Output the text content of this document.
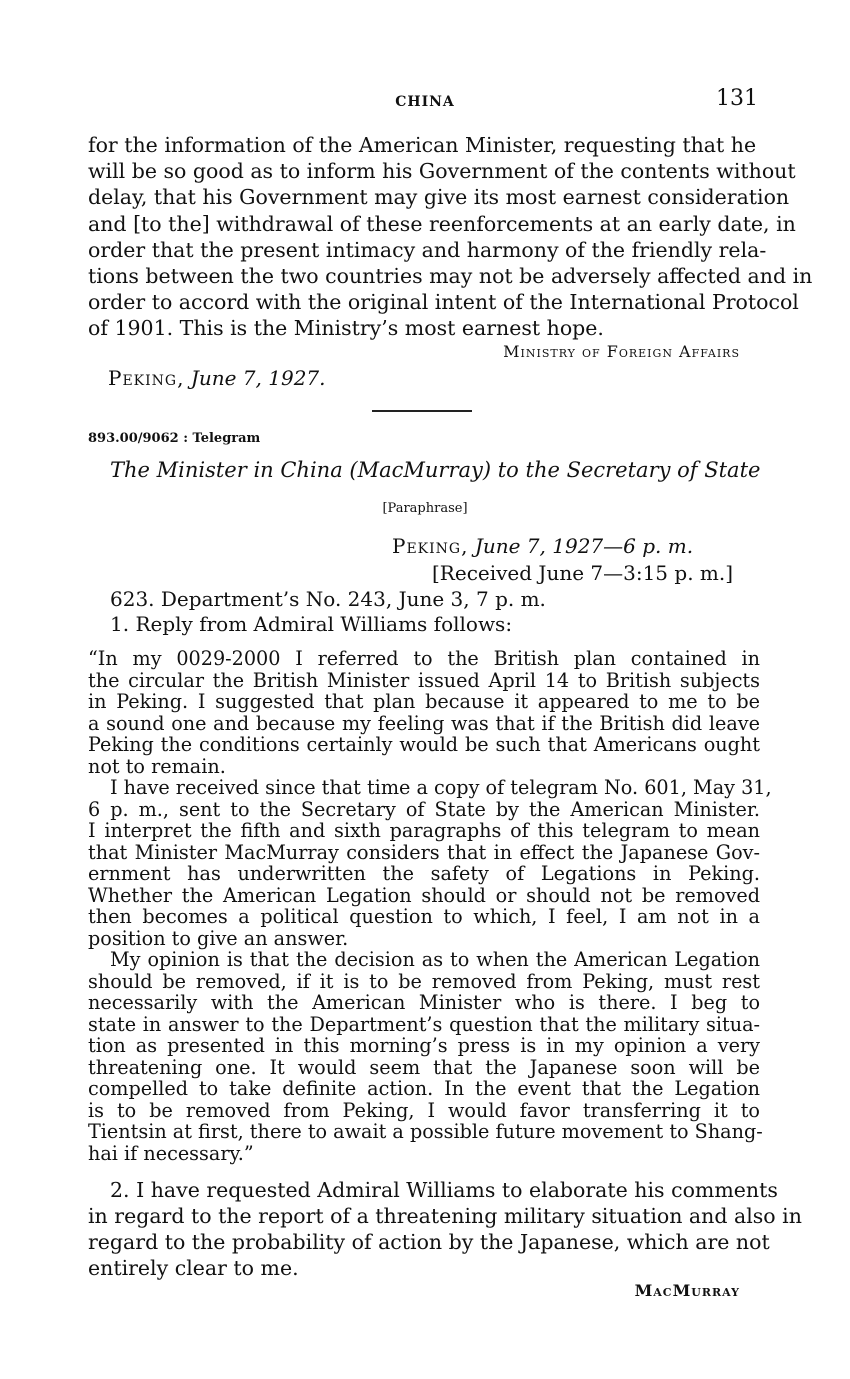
CHINA	131
for the information of the American Minister, requesting that he
will be so good as to inform his Government of the contents without
delay, that his Government may give its most earnest consideration
and [to the] withdrawal of these reenforcements at an early date, in
order that the present intimacy and harmony of the friendly rela-
tions between the two countries may not be adversely affected and in
order to accord with the original intent of the International Protocol
of 1901. This is the Ministry’s most earnest hope.
Ministry of Foreign Affairs
Peking, June 7, 1927.
893.00/9062 : Telegram
The Minister in China (MacMurray) to the Secretary of State
[Paraphrase]
Peking, June 7, 1927—6 p. m.
[Received June 7—3:15 p. m.]
623. Department’s No. 243, June 3, 7 p. m.
1. Reply from Admiral Williams follows:
“In my 0029-2000 I referred to the British plan contained in
the circular the British Minister issued April 14 to British subjects
in Peking. I suggested that plan because it appeared to me to be
a sound one and because my feeling was that if the British did leave
Peking the conditions certainly would be such that Americans ought
not to remain.
I have received since that time a copy of telegram No. 601, May 31,
6 p. m., sent to the Secretary of State by the American Minister.
I interpret the fifth and sixth paragraphs of this telegram to mean
that Minister MacMurray considers that in effect the Japanese Gov-
ernment has underwritten the safety of Legations in Peking.
Whether the American Legation should or should not be removed
then becomes a political question to which, I feel, I am not in a
position to give an answer.
My opinion is that the decision as to when the American Legation
should be removed, if it is to be removed from Peking, must rest
necessarily with the American Minister who is there. I beg to
state in answer to the Department’s question that the military situa-
tion as presented in this morning’s press is in my opinion a very
threatening one. It would seem that the Japanese soon will be
compelled to take definite action. In the event that the Legation
is to be removed from Peking, I would favor transferring it to
Tientsin at first, there to await a possible future movement to Shang-
hai if necessary.”
2. I have requested Admiral Williams to elaborate his comments
in regard to the report of a threatening military situation and also in
regard to the probability of action by the Japanese, which are not
entirely clear to me.
MacMurray
